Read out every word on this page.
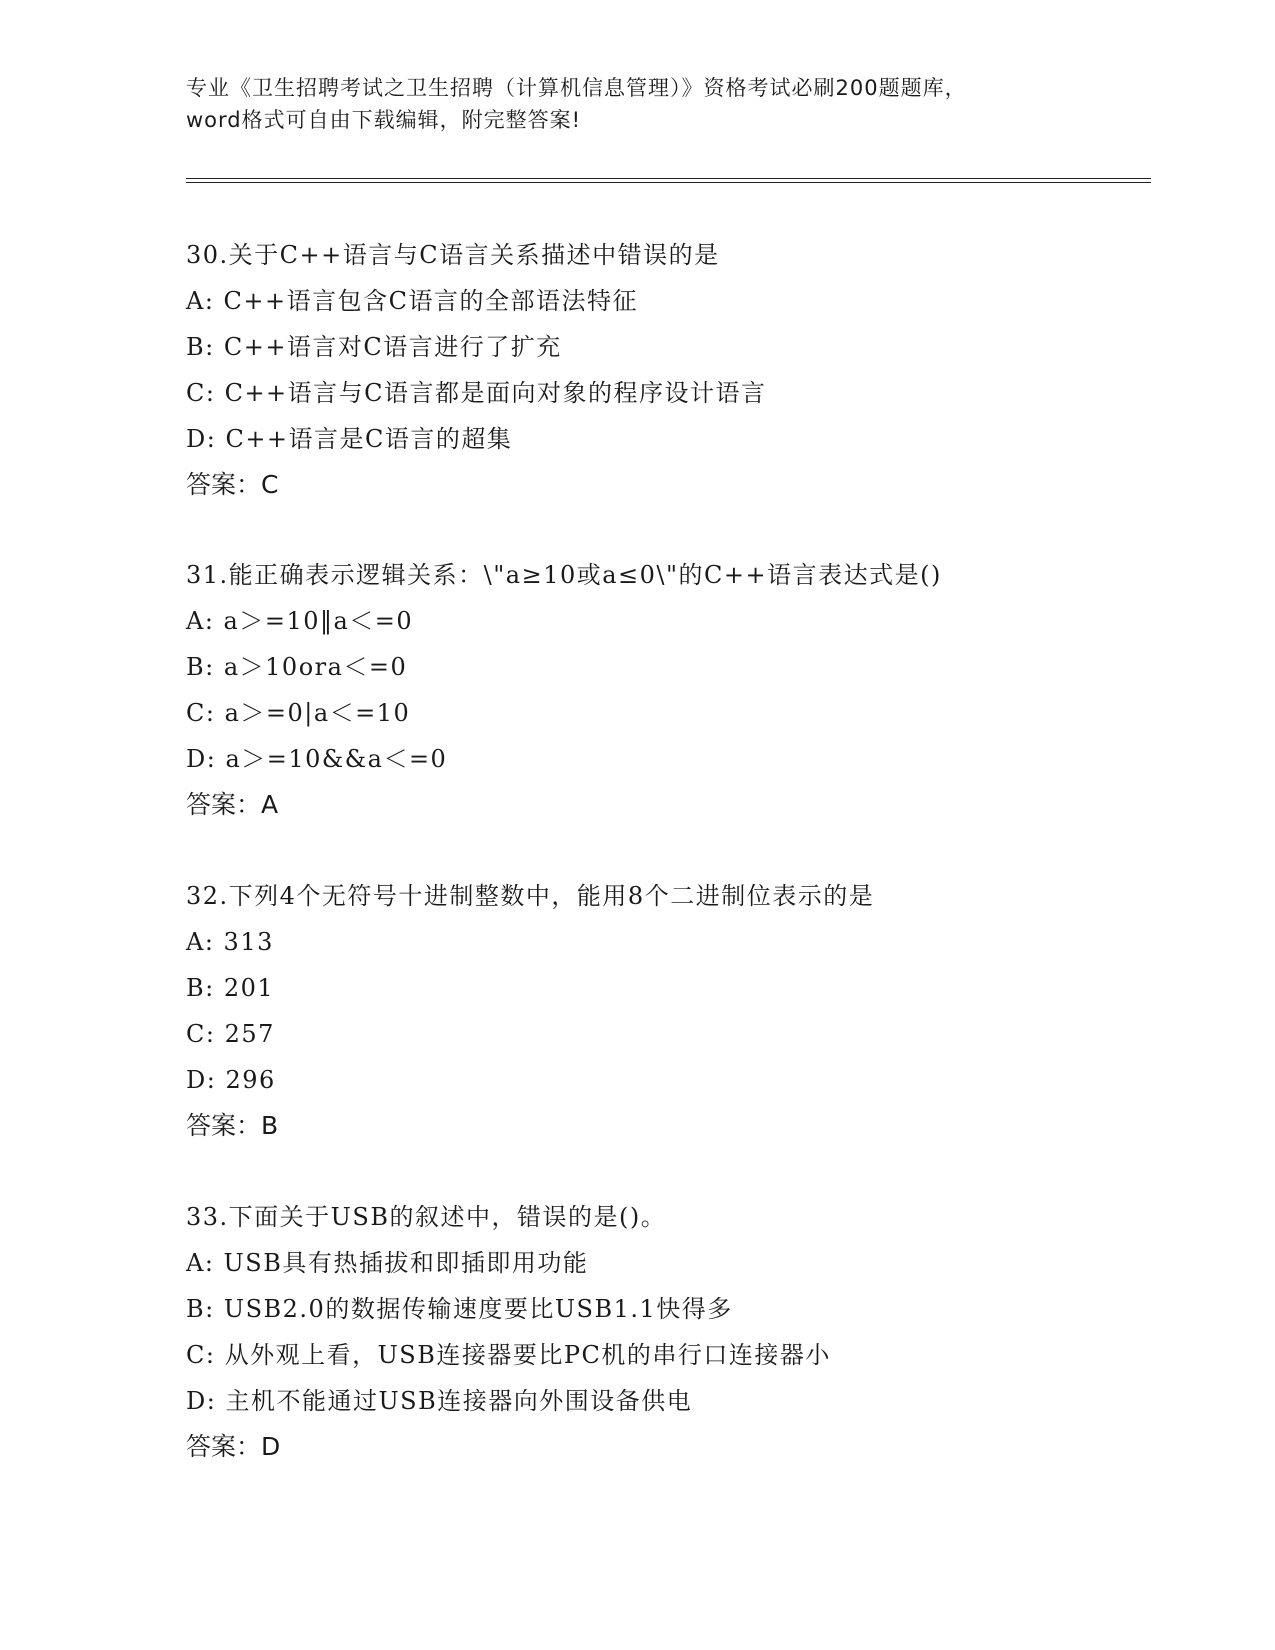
专业《卫生招聘考试之卫生招聘（计算机信息管理）》资格考试必刷200题题库，
word格式可自由下载编辑，附完整答案!
30.关于C++语言与C语言关系描述中错误的是
A: C++语言包含C语言的全部语法特征
B: C++语言对C语言进行了扩充
C: C++语言与C语言都是面向对象的程序设计语言
D: C++语言是C语言的超集
答案：C
31.能正确表示逻辑关系：\"a≥10或a≤0\"的C++语言表达式是()
A: a＞=10‖a＜=0
B: a＞10ora＜=0
C: a＞=0|a＜=10
D: a＞=10&&a＜=0
答案：A
32.下列4个无符号十进制整数中，能用8个二进制位表示的是
A: 313
B: 201
C: 257
D: 296
答案：B
33.下面关于USB的叙述中，错误的是()。
A: USB具有热插拔和即插即用功能
B: USB2.0的数据传输速度要比USB1.1快得多
C: 从外观上看，USB连接器要比PC机的串行口连接器小
D: 主机不能通过USB连接器向外围设备供电
答案：D
